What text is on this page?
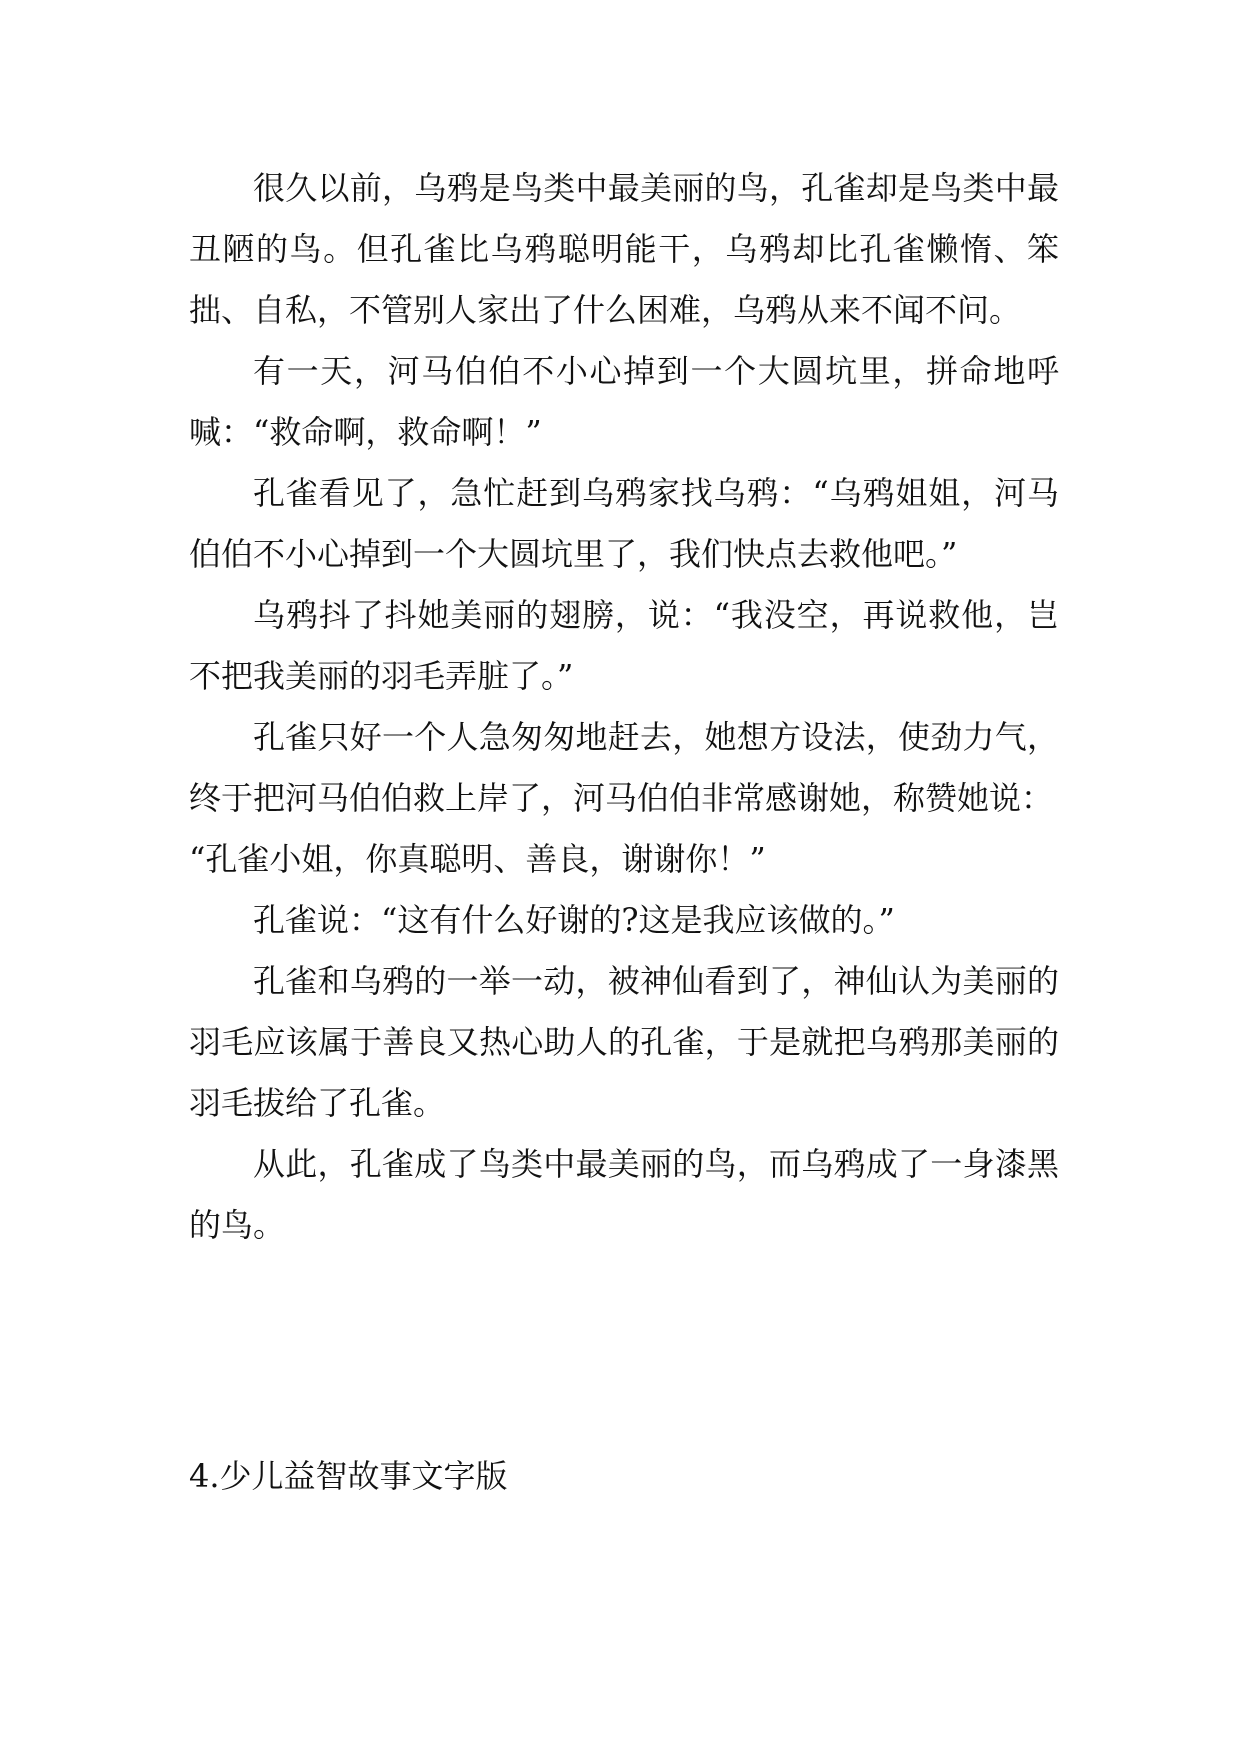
很久以前，乌鸦是鸟类中最美丽的鸟，孔雀却是鸟类中最丑陋的鸟。但孔雀比乌鸦聪明能干，乌鸦却比孔雀懒惰、笨拙、自私，不管别人家出了什么困难，乌鸦从来不闻不问。

有一天，河马伯伯不小心掉到一个大圆坑里，拼命地呼喊：“救命啊，救命啊！”

孔雀看见了，急忙赶到乌鸦家找乌鸦：“乌鸦姐姐，河马伯伯不小心掉到一个大圆坑里了，我们快点去救他吧。”

乌鸦抖了抖她美丽的翅膀，说：“我没空，再说救他，岂不把我美丽的羽毛弄脏了。”

孔雀只好一个人急匆匆地赶去，她想方设法，使劲力气，终于把河马伯伯救上岸了，河马伯伯非常感谢她，称赞她说：

“孔雀小姐，你真聪明、善良，谢谢你！”

孔雀说：“这有什么好谢的?这是我应该做的。”

孔雀和乌鸦的一举一动，被神仙看到了，神仙认为美丽的羽毛应该属于善良又热心助人的孔雀，于是就把乌鸦那美丽的羽毛拔给了孔雀。

从此，孔雀成了鸟类中最美丽的鸟，而乌鸦成了一身漆黑的鸟。

4.少儿益智故事文字版
